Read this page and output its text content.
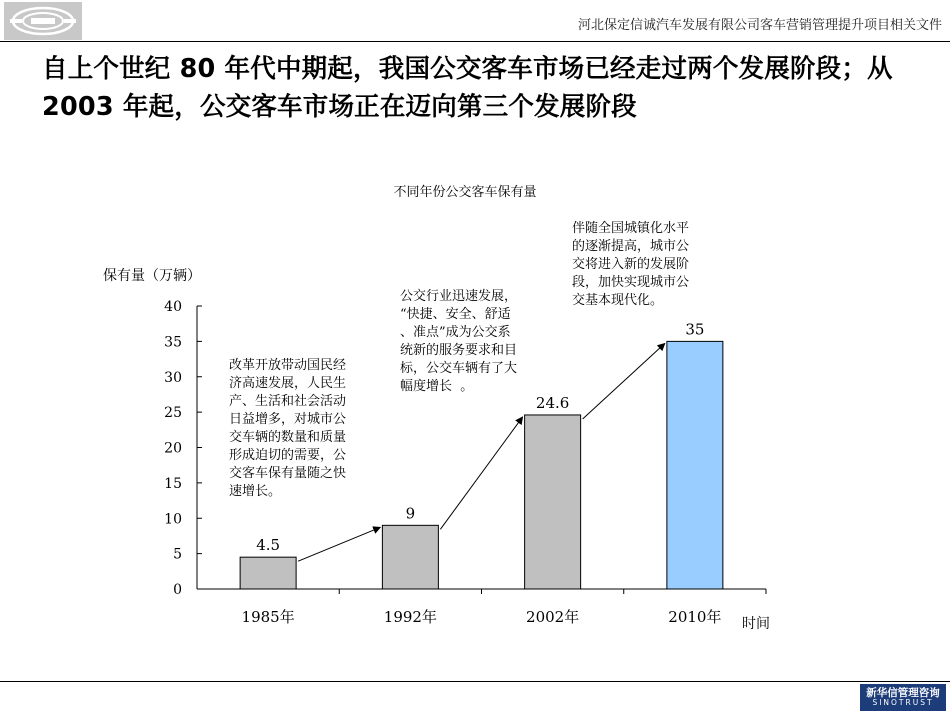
河北保定信诚汽车发展有限公司客车营销管理提升项目相关文件
自上个世纪 80 年代中期起，我国公交客车市场已经走过两个发展阶段；从 2003 年起，公交客车市场正在迈向第三个发展阶段
不同年份公交客车保有量
保有量（万辆）
时间
0
5
10
15
20
25
30
35
40
4.5
1985年
9
1992年
24.6
2002年
35
2010年
改革开放带动国民经
济高速发展，人民生
产、生活和社会活动
日益增多，对城市公
交车辆的数量和质量
形成迫切的需要，公
交客车保有量随之快
速增长。
公交行业迅速发展，
“快捷、安全、舒适
、准点”成为公交系
统新的服务要求和目
标，公交车辆有了大
幅度增长  。
伴随全国城镇化水平
的逐渐提高，城市公
交将进入新的发展阶
段，加快实现城市公
交基本现代化。
新华信管理咨询
SINOTRUST
